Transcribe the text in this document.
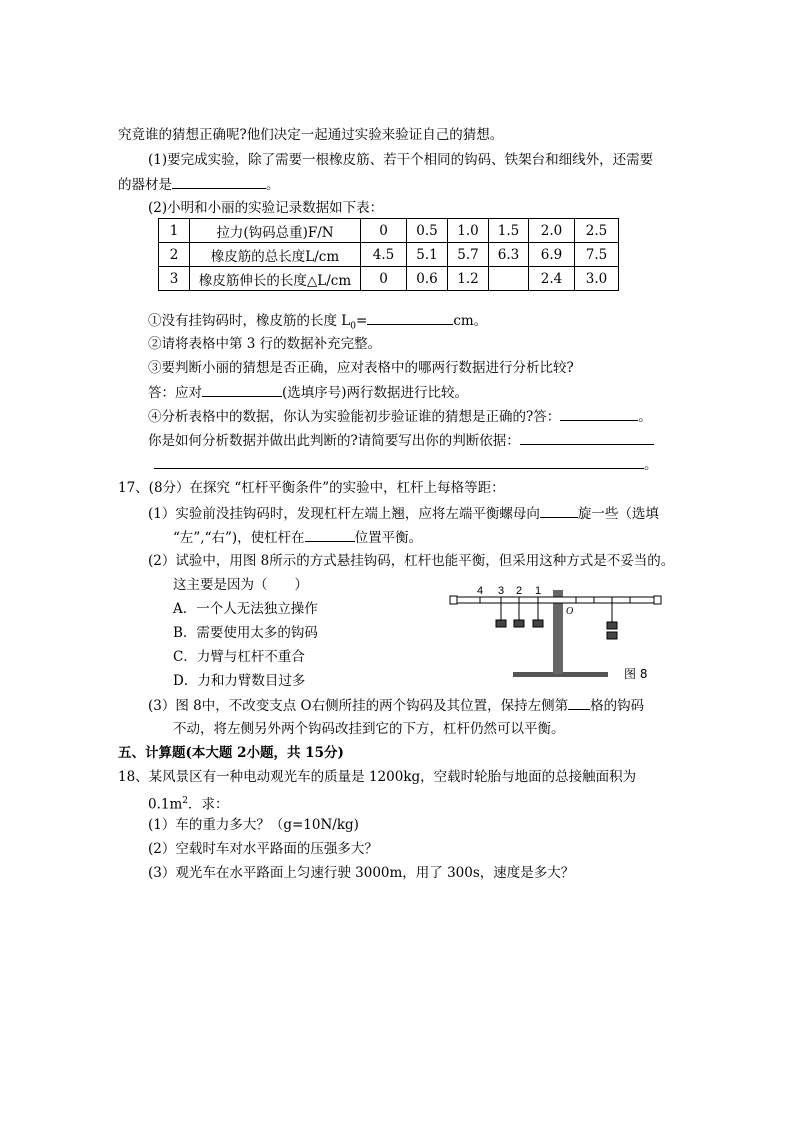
究竟谁的猜想正确呢?他们决定一起通过实验来验证自己的猜想。
(1)要完成实验，除了需要一根橡皮筋、若干个相同的钩码、铁架台和细线外，还需要
的器材是	。
(2)小明和小丽的实验记录数据如下表：
1	拉力(钩码总重)F/N	0	0.5	1.0	1.5	2.0	2.5
2	橡皮筋的总长度L/cm	4.5	5.1	5.7	6.3	6.9	7.5
3	橡皮筋伸长的长度△L/cm	0	0.6	1.2		2.4	3.0
①没有挂钩码时，橡皮筋的长度 $L_0=$	cm。
②请将表格中第 3 行的数据补充完整。
③要判断小丽的猜想是否正确，应对表格中的哪两行数据进行分析比较?
答：应对	(选填序号)两行数据进行比较。
④分析表格中的数据，你认为实验能初步验证谁的猜想是正确的?答：	。
你是如何分析数据并做出此判断的?请简要写出你的判断依据：
。
17、(8分）在探究 “杠杆平衡条件”的实验中，杠杆上每格等距：
(1）实验前没挂钩码时，发现杠杆左端上翘，应将左端平衡螺母向	旋一些（选填
“左”,“右”)，使杠杆在	位置平衡。
(2）试验中，用图 8所示的方式悬挂钩码，杠杆也能平衡，但采用这种方式是不妥当的。
这主要是因为（　　）
A．一个人无法独立操作
B．需要使用太多的钩码
C．力臂与杠杆不重合
D．力和力臂数目过多
4 3 2 1
O
图 8
(3）图 8中，不改变支点 O右侧所挂的两个钩码及其位置，保持左侧第 格的钩码
不动，将左侧另外两个钩码改挂到它的下方，杠杆仍然可以平衡。
五、计算题(本大题 2小题，共 15分)
18、某风景区有一种电动观光车的质量是 1200kg，空载时轮胎与地面的总接触面积为
$0.1m^2$．求：
(1）车的重力多大？（g=10N/kg)
(2）空载时车对水平路面的压强多大？
(3）观光车在水平路面上匀速行驶 3000m，用了 300s，速度是多大？
